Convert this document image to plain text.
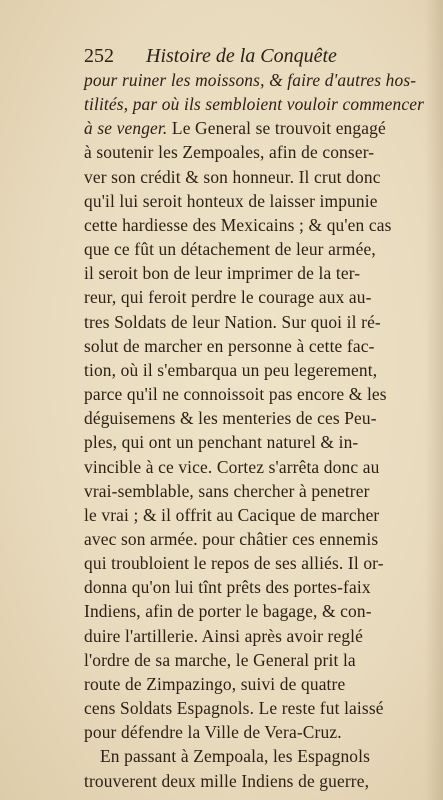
252 Histoire de la Conquête
pour ruiner les moissons, & faire d'autres hos-
tilités, par où ils sembloient vouloir commencer
à se venger. Le General se trouvoit engagé
à soutenir les Zempoales, afin de conser-
ver son crédit & son honneur. Il crut donc
qu'il lui seroit honteux de laisser impunie
cette hardiesse des Mexicains ; & qu'en cas
que ce fût un détachement de leur armée,
il seroit bon de leur imprimer de la ter-
reur, qui feroit perdre le courage aux au-
tres Soldats de leur Nation. Sur quoi il ré-
solut de marcher en personne à cette fac-
tion, où il s'embarqua un peu legerement,
parce qu'il ne connoissoit pas encore & les
déguisemens & les menteries de ces Peu-
ples, qui ont un penchant naturel & in-
vincible à ce vice. Cortez s'arrêta donc au
vrai-semblable, sans chercher à penetrer
le vrai ; & il offrit au Cacique de marcher
avec son armée. pour châtier ces ennemis
qui troubloient le repos de ses alliés. Il or-
donna qu'on lui tînt prêts des portes-faix
Indiens, afin de porter le bagage, & con-
duire l'artillerie. Ainsi après avoir reglé
l'ordre de sa marche, le General prit la
route de Zimpazingo, suivi de quatre
cens Soldats Espagnols. Le reste fut laissé
pour défendre la Ville de Vera-Cruz.
En passant à Zempoala, les Espagnols
trouverent deux mille Indiens de guerre,
